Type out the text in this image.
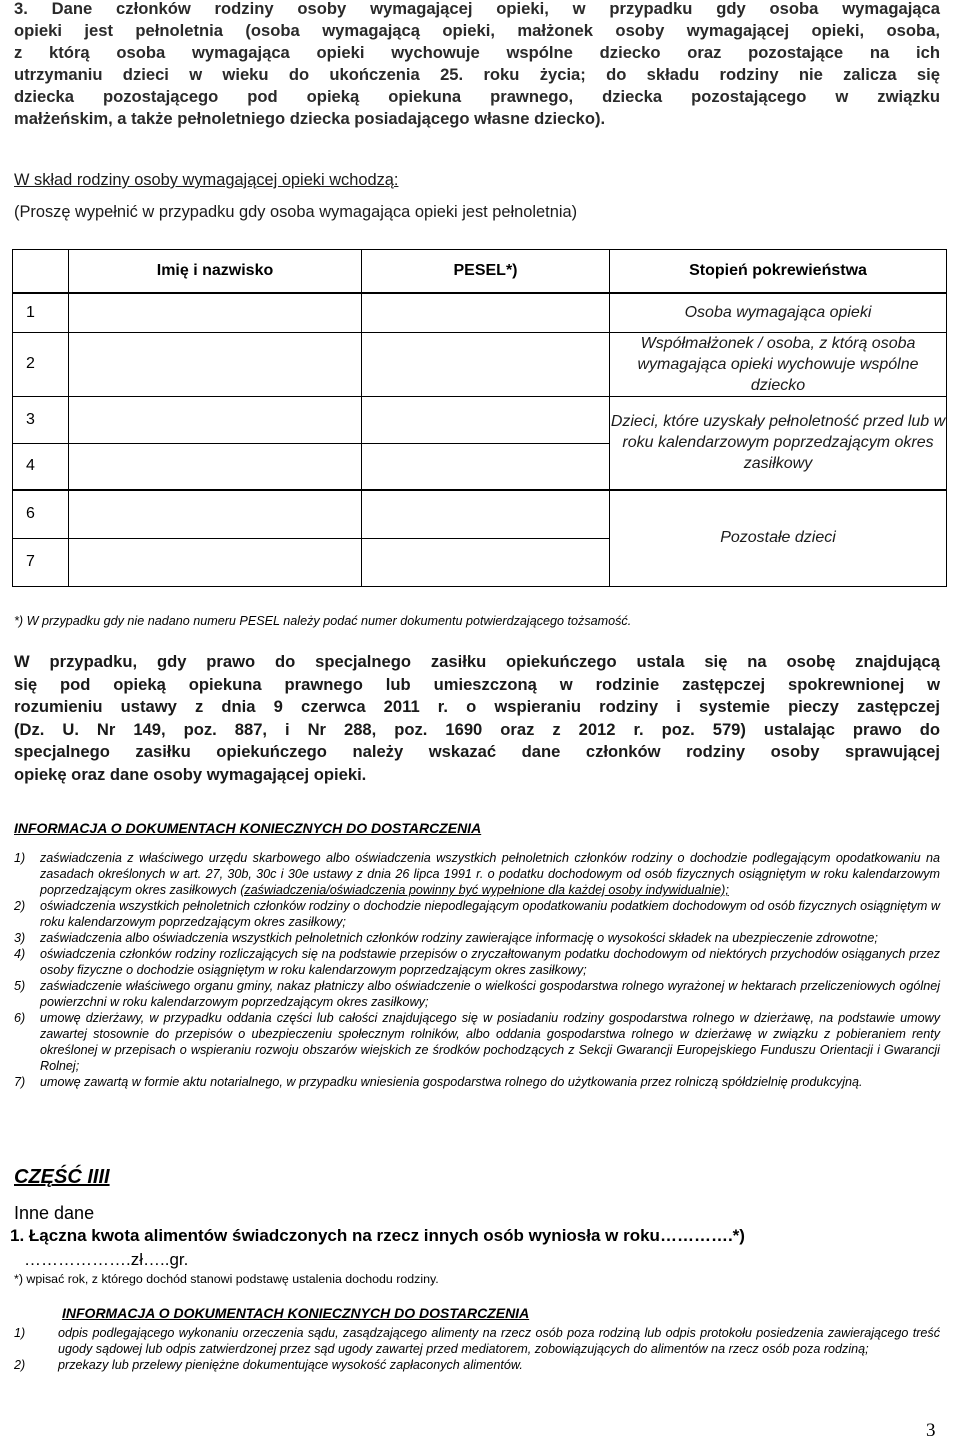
3. Dane członków rodziny osoby wymagającej opieki, w przypadku gdy osoba wymagająca
opieki jest pełnoletnia (osoba wymagającą opieki, małżonek osoby wymagającej opieki, osoba,
z którą osoba wymagająca opieki wychowuje wspólne dziecko oraz pozostające na ich
utrzymaniu dzieci w wieku do ukończenia 25. roku życia; do składu rodziny nie zalicza się
dziecka pozostającego pod opieką opiekuna prawnego, dziecka pozostającego w związku
małżeńskim, a także pełnoletniego dziecka posiadającego własne dziecko).
W skład rodziny osoby wymagającej opieki wchodzą:
(Proszę wypełnić w przypadku gdy osoba wymagająca opieki jest pełnoletnia)
	Imię i nazwisko	PESEL*)	Stopień pokrewieństwa
1			Osoba wymagająca opieki
2			Współmałżonek / osoba, z którą osoba wymagająca opieki wychowuje wspólne dziecko
3			Dzieci, które uzyskały pełnoletność przed lub w roku kalendarzowym poprzedzającym okres zasiłkowy
4			
6			Pozostałe dzieci
7			
*) W przypadku gdy nie nadano numeru PESEL należy podać numer dokumentu potwierdzającego tożsamość.
W przypadku, gdy prawo do specjalnego zasiłku opiekuńczego ustala się na osobę znajdującą
się pod opieką opiekuna prawnego lub umieszczoną w rodzinie zastępczej spokrewnionej w
rozumieniu ustawy z dnia 9 czerwca 2011 r. o wspieraniu rodziny i systemie pieczy zastępczej
(Dz. U. Nr 149, poz. 887, i Nr 288, poz. 1690 oraz z 2012 r. poz. 579) ustalając prawo do
specjalnego zasiłku opiekuńczego należy wskazać dane członków rodziny osoby sprawującej
opiekę oraz dane osoby wymagającej opieki.
INFORMACJA O DOKUMENTACH KONIECZNYCH DO DOSTARCZENIA
1) zaświadczenia z właściwego urzędu skarbowego albo oświadczenia wszystkich pełnoletnich członków rodziny o dochodzie podlegającym opodatkowaniu na zasadach określonych w art. 27, 30b, 30c i 30e ustawy z dnia 26 lipca 1991 r. o podatku dochodowym od osób fizycznych osiągniętym w roku kalendarzowym poprzedzającym okres zasiłkowych (zaświadczenia/oświadczenia powinny być wypełnione dla każdej osoby indywidualnie);
2) oświadczenia wszystkich pełnoletnich członków rodziny o dochodzie niepodlegającym opodatkowaniu podatkiem dochodowym od osób fizycznych osiągniętym w roku kalendarzowym poprzedzającym okres zasiłkowy;
3) zaświadczenia albo oświadczenia wszystkich pełnoletnich członków rodziny zawierające informację o wysokości składek na ubezpieczenie zdrowotne;
4) oświadczenia członków rodziny rozliczających się na podstawie przepisów o zryczałtowanym podatku dochodowym od niektórych przychodów osiąganych przez osoby fizyczne o dochodzie osiągniętym w roku kalendarzowym poprzedzającym okres zasiłkowy;
5) zaświadczenie właściwego organu gminy, nakaz płatniczy albo oświadczenie o wielkości gospodarstwa rolnego wyrażonej w hektarach przeliczeniowych ogólnej powierzchni w roku kalendarzowym poprzedzającym okres zasiłkowy;
6) umowę dzierżawy, w przypadku oddania części lub całości znajdującego się w posiadaniu rodziny gospodarstwa rolnego w dzierżawę, na podstawie umowy zawartej stosownie do przepisów o ubezpieczeniu społecznym rolników, albo oddania gospodarstwa rolnego w dzierżawę w związku z pobieraniem renty określonej w przepisach o wspieraniu rozwoju obszarów wiejskich ze środków pochodzących z Sekcji Gwarancji Europejskiego Funduszu Orientacji i Gwarancji Rolnej;
7) umowę zawartą w formie aktu notarialnego, w przypadku wniesienia gospodarstwa rolnego do użytkowania przez rolniczą spółdzielnię produkcyjną.
CZĘŚĆ IIII
Inne dane
1. Łączna kwota alimentów świadczonych na rzecz innych osób wyniosła w roku………….*)
……………….zł…..gr.
*) wpisać rok, z którego dochód stanowi podstawę ustalenia dochodu rodziny.
INFORMACJA O DOKUMENTACH KONIECZNYCH DO DOSTARCZENIA
1)	odpis podlegającego wykonaniu orzeczenia sądu, zasądzającego alimenty na rzecz osób poza rodziną lub odpis protokołu posiedzenia zawierającego treść ugody sądowej lub odpis zatwierdzonej przez sąd ugody zawartej przed mediatorem, zobowiązujących do alimentów na rzecz osób poza rodziną;
2)	przekazy lub przelewy pieniężne dokumentujące wysokość zapłaconych alimentów.
3
